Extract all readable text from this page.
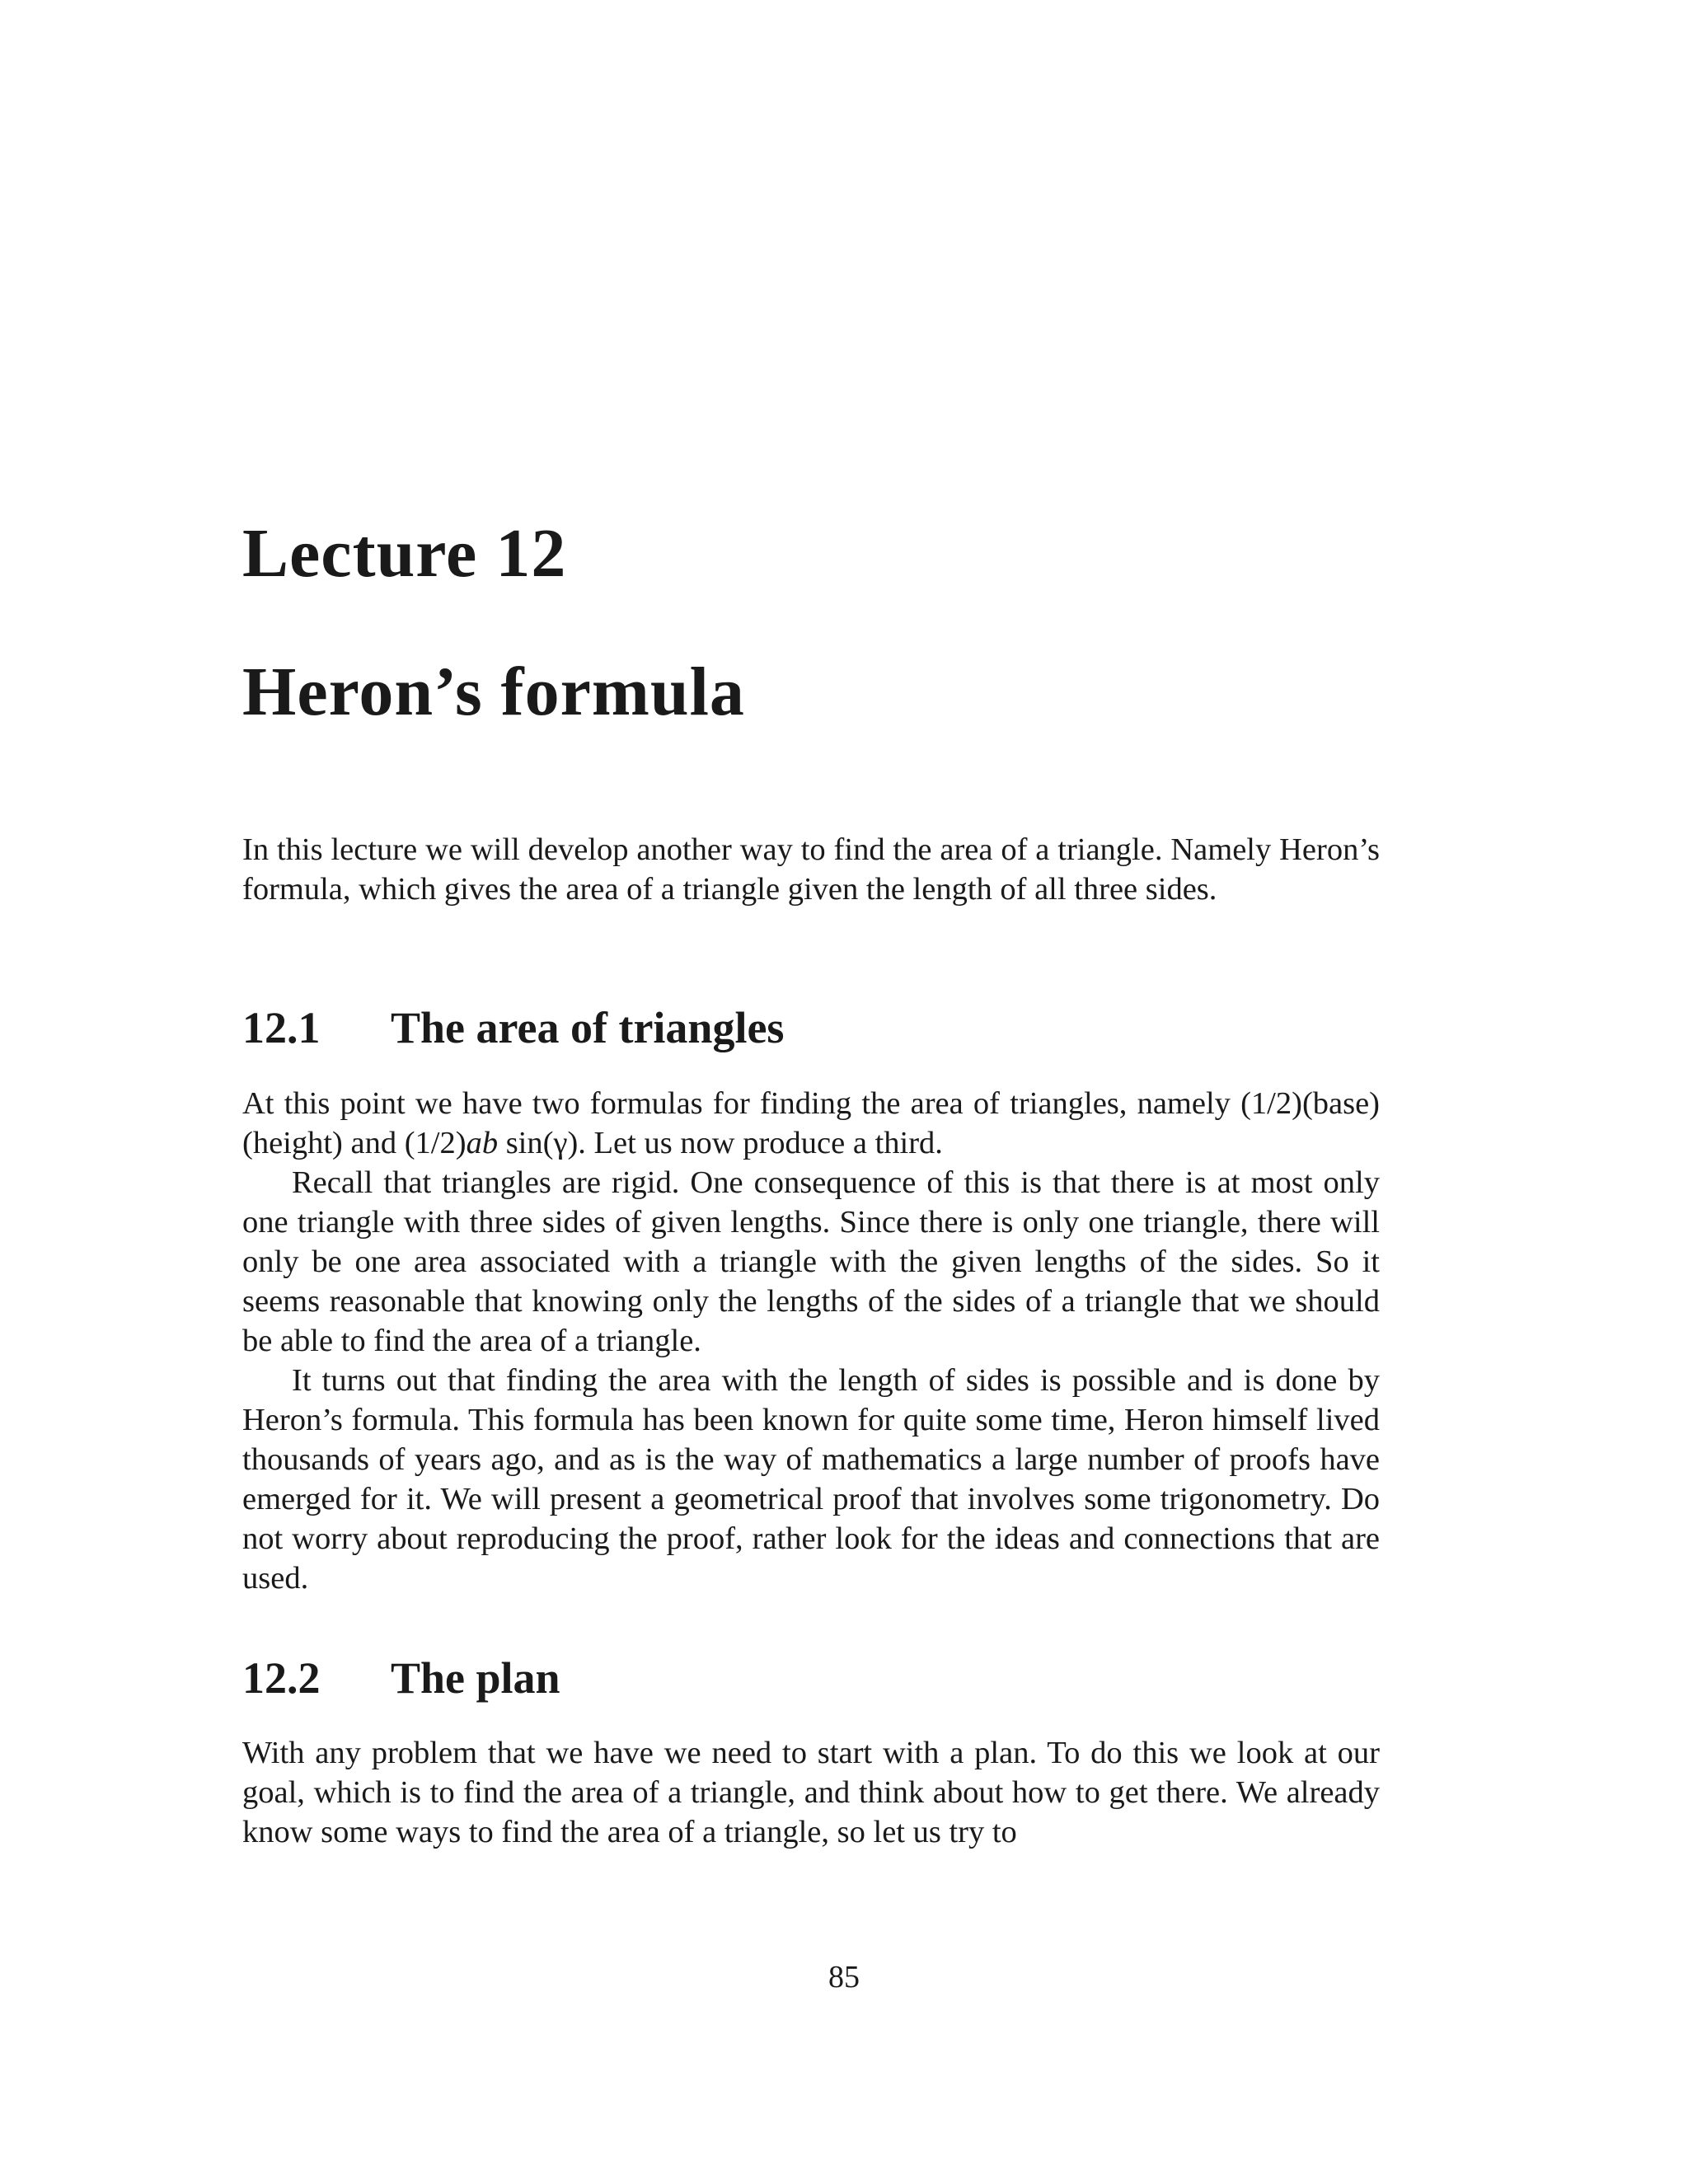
Lecture 12
Heron’s formula

In this lecture we will develop another way to find the area of a triangle. Namely Heron’s formula, which gives the area of a triangle given the length of all three sides.

12.1 The area of triangles

At this point we have two formulas for finding the area of triangles, namely (1/2)(base)(height) and (1/2)ab sin(γ). Let us now produce a third.

Recall that triangles are rigid. One consequence of this is that there is at most only one triangle with three sides of given lengths. Since there is only one triangle, there will only be one area associated with a triangle with the given lengths of the sides. So it seems reasonable that knowing only the lengths of the sides of a triangle that we should be able to find the area of a triangle.

It turns out that finding the area with the length of sides is possible and is done by Heron’s formula. This formula has been known for quite some time, Heron himself lived thousands of years ago, and as is the way of mathematics a large number of proofs have emerged for it. We will present a geometrical proof that involves some trigonometry. Do not worry about reproducing the proof, rather look for the ideas and connections that are used.

12.2 The plan

With any problem that we have we need to start with a plan. To do this we look at our goal, which is to find the area of a triangle, and think about how to get there. We already know some ways to find the area of a triangle, so let us try to

85
